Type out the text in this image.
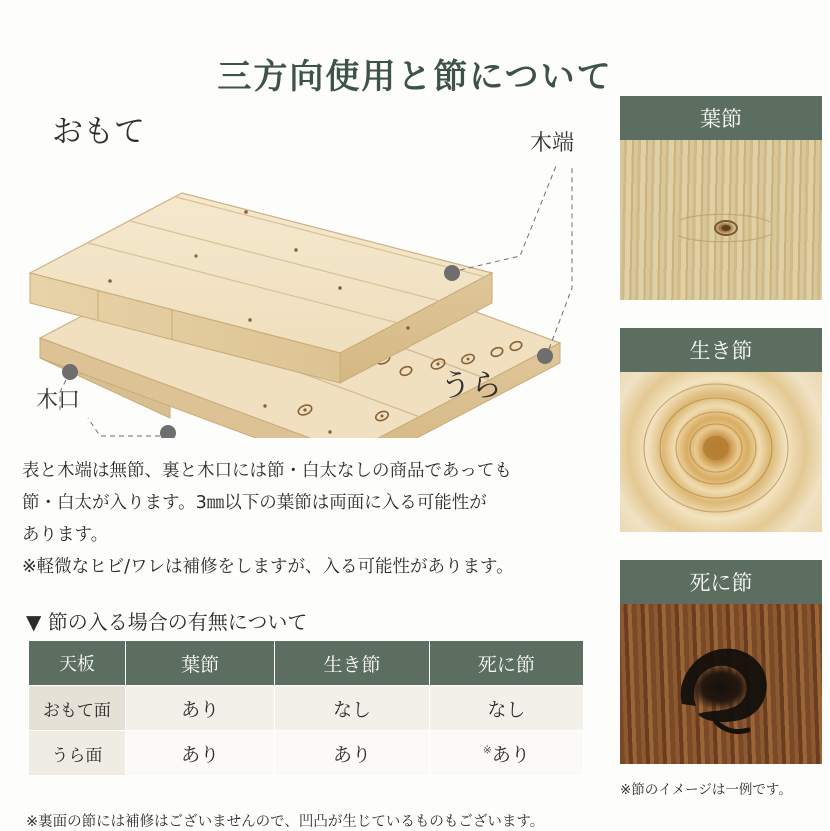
三方向使用と節について
おもて
うら
木端
木口

表と木端は無節、裏と木口には節・白太なしの商品であっても

節・白太が入ります。3㎜以下の葉節は両面に入る可能性が

あります。

※軽微なヒビ/ワレは補修をしますが、入る可能性があります。

▼ 節の入る場合の有無について
天板	葉節	生き節	死に節
おもて面	あり	なし	なし
うら面	あり	あり	※あり
※裏面の節には補修はございませんので、凹凸が生じているものもございます。
葉節
生き節
死に節
※節のイメージは一例です。
